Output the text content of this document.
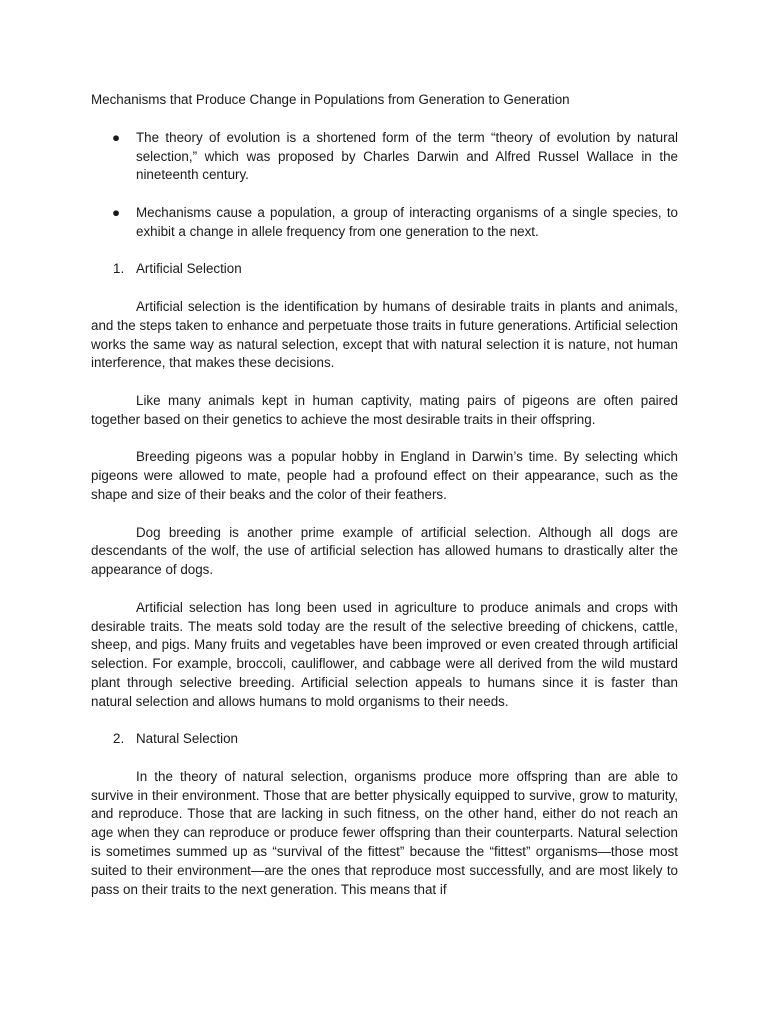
Mechanisms that Produce Change in Populations from Generation to Generation

● The theory of evolution is a shortened form of the term “theory of evolution by natural selection,” which was proposed by Charles Darwin and Alfred Russel Wallace in the nineteenth century.
● Mechanisms cause a population, a group of interacting organisms of a single species, to exhibit a change in allele frequency from one generation to the next.
1. Artificial Selection

Artificial selection is the identification by humans of desirable traits in plants and animals, and the steps taken to enhance and perpetuate those traits in future generations. Artificial selection works the same way as natural selection, except that with natural selection it is nature, not human interference, that makes these decisions.

Like many animals kept in human captivity, mating pairs of pigeons are often paired together based on their genetics to achieve the most desirable traits in their offspring.

Breeding pigeons was a popular hobby in England in Darwin’s time. By selecting which pigeons were allowed to mate, people had a profound effect on their appearance, such as the shape and size of their beaks and the color of their feathers.

Dog breeding is another prime example of artificial selection. Although all dogs are descendants of the wolf, the use of artificial selection has allowed humans to drastically alter the appearance of dogs.

Artificial selection has long been used in agriculture to produce animals and crops with desirable traits. The meats sold today are the result of the selective breeding of chickens, cattle, sheep, and pigs. Many fruits and vegetables have been improved or even created through artificial selection. For example, broccoli, cauliflower, and cabbage were all derived from the wild mustard plant through selective breeding. Artificial selection appeals to humans since it is faster than natural selection and allows humans to mold organisms to their needs.

2. Natural Selection

In the theory of natural selection, organisms produce more offspring than are able to survive in their environment. Those that are better physically equipped to survive, grow to maturity, and reproduce. Those that are lacking in such fitness, on the other hand, either do not reach an age when they can reproduce or produce fewer offspring than their counterparts. Natural selection is sometimes summed up as “survival of the fittest” because the “fittest” organisms—those most suited to their environment—are the ones that reproduce most successfully, and are most likely to pass on their traits to the next generation. This means that if
